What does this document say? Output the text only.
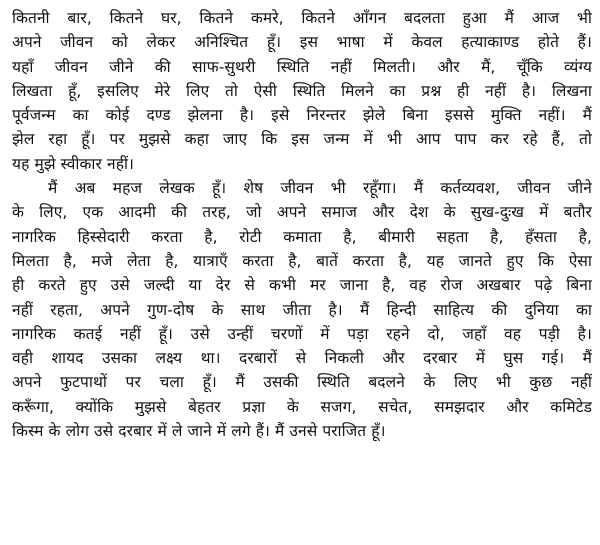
कितनी बार, कितने घर, कितने कमरे, कितने आँगन बदलता हुआ मैं आज भी
अपने जीवन को लेकर अनिश्चित हूँ। इस भाषा में केवल हत्याकाण्ड होते हैं।
यहाँ जीवन जीने की साफ-सुथरी स्थिति नहीं मिलती। और मैं, चूँकि व्यंग्य
लिखता हूँ, इसलिए मेरे लिए तो ऐसी स्थिति मिलने का प्रश्न ही नहीं है। लिखना
पूर्वजन्म का कोई दण्ड झेलना है। इसे निरन्तर झेले बिना इससे मुक्ति नहीं। मैं
झेल रहा हूँ। पर मुझसे कहा जाए कि इस जन्म में भी आप पाप कर रहे हैं, तो
यह मुझे स्वीकार नहीं।
मैं अब महज लेखक हूँ। शेष जीवन भी रहूँगा। मैं कर्तव्यवश, जीवन जीने
के लिए, एक आदमी की तरह, जो अपने समाज और देश के सुख-दुःख में बतौर
नागरिक हिस्सेदारी करता है, रोटी कमाता है, बीमारी सहता है, हँसता है,
मिलता है, मजे लेता है, यात्राएँ करता है, बातें करता है, यह जानते हुए कि ऐसा
ही करते हुए उसे जल्दी या देर से कभी मर जाना है, वह रोज अखबार पढ़े बिना
नहीं रहता, अपने गुण-दोष के साथ जीता है। मैं हिन्दी साहित्य की दुनिया का
नागरिक कतई नहीं हूँ। उसे उन्हीं चरणों में पड़ा रहने दो, जहाँ वह पड़ी है।
वही शायद उसका लक्ष्य था। दरबारों से निकली और दरबार में घुस गई। मैं
अपने फुटपाथों पर चला हूँ। मैं उसकी स्थिति बदलने के लिए भी कुछ नहीं
करूँगा, क्योंकि मुझसे बेहतर प्रज्ञा के सजग, सचेत, समझदार और कमिटेड
किस्म के लोग उसे दरबार में ले जाने में लगे हैं। मैं उनसे पराजित हूँ।
